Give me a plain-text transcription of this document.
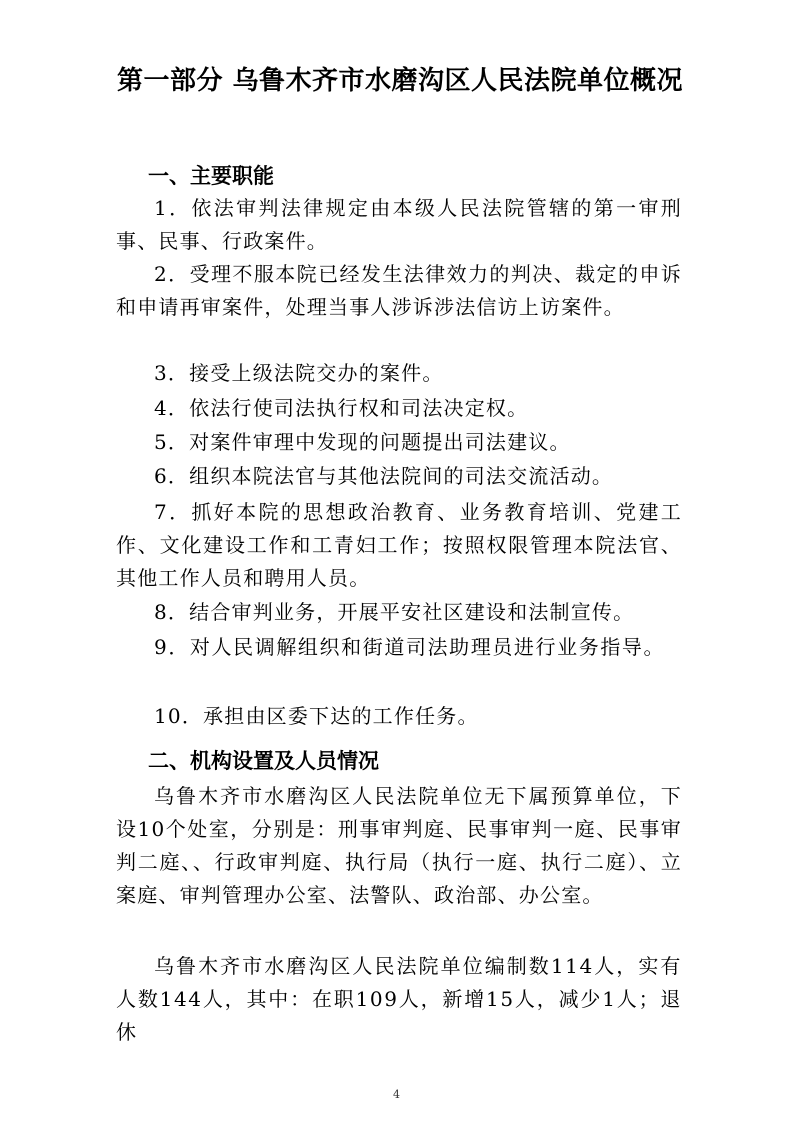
第一部分 乌鲁木齐市水磨沟区人民法院单位概况
一、主要职能
1．依法审判法律规定由本级人民法院管辖的第一审刑事、民事、行政案件。
2．受理不服本院已经发生法律效力的判决、裁定的申诉和申请再审案件，处理当事人涉诉涉法信访上访案件。
3．接受上级法院交办的案件。
4．依法行使司法执行权和司法决定权。
5．对案件审理中发现的问题提出司法建议。
6．组织本院法官与其他法院间的司法交流活动。
7．抓好本院的思想政治教育、业务教育培训、党建工作、文化建设工作和工青妇工作；按照权限管理本院法官、其他工作人员和聘用人员。
8．结合审判业务，开展平安社区建设和法制宣传。
9．对人民调解组织和街道司法助理员进行业务指导。
10．承担由区委下达的工作任务。
二、机构设置及人员情况
乌鲁木齐市水磨沟区人民法院单位无下属预算单位，下设10个处室，分别是：刑事审判庭、民事审判一庭、民事审判二庭、、行政审判庭、执行局（执行一庭、执行二庭）、立案庭、审判管理办公室、法警队、政治部、办公室。
乌鲁木齐市水磨沟区人民法院单位编制数114人，实有人数144人，其中：在职109人，新增15人，减少1人；退休
4
